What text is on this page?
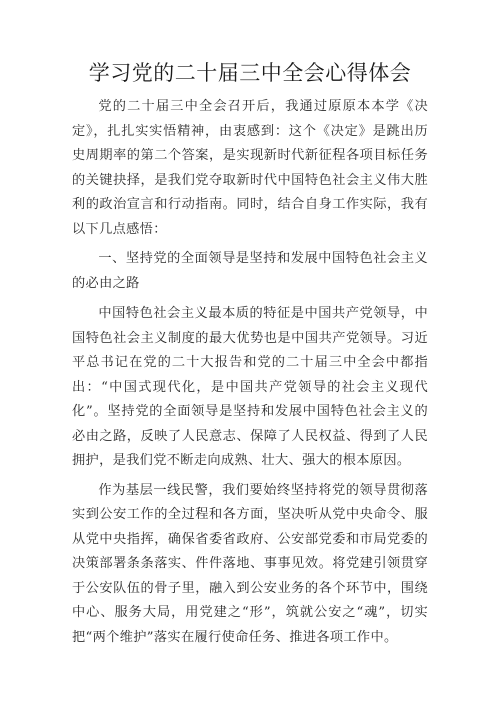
学习党的二十届三中全会心得体会

党的二十届三中全会召开后，我通过原原本本学《决定》，扎扎实实悟精神，由衷感到：这个《决定》是跳出历史周期率的第二个答案，是实现新时代新征程各项目标任务的关键抉择，是我们党夺取新时代中国特色社会主义伟大胜利的政治宣言和行动指南。同时，结合自身工作实际，我有以下几点感悟：

一、坚持党的全面领导是坚持和发展中国特色社会主义的必由之路

中国特色社会主义最本质的特征是中国共产党领导，中国特色社会主义制度的最大优势也是中国共产党领导。习近平总书记在党的二十大报告和党的二十届三中全会中都指出：“中国式现代化，是中国共产党领导的社会主义现代化”。坚持党的全面领导是坚持和发展中国特色社会主义的必由之路，反映了人民意志、保障了人民权益、得到了人民拥护，是我们党不断走向成熟、壮大、强大的根本原因。

作为基层一线民警，我们要始终坚持将党的领导贯彻落实到公安工作的全过程和各方面，坚决听从党中央命令、服从党中央指挥，确保省委省政府、公安部党委和市局党委的决策部署条条落实、件件落地、事事见效。将党建引领贯穿于公安队伍的骨子里，融入到公安业务的各个环节中，围绕中心、服务大局，用党建之“形”，筑就公安之“魂”，切实把“两个维护”落实在履行使命任务、推进各项工作中。
